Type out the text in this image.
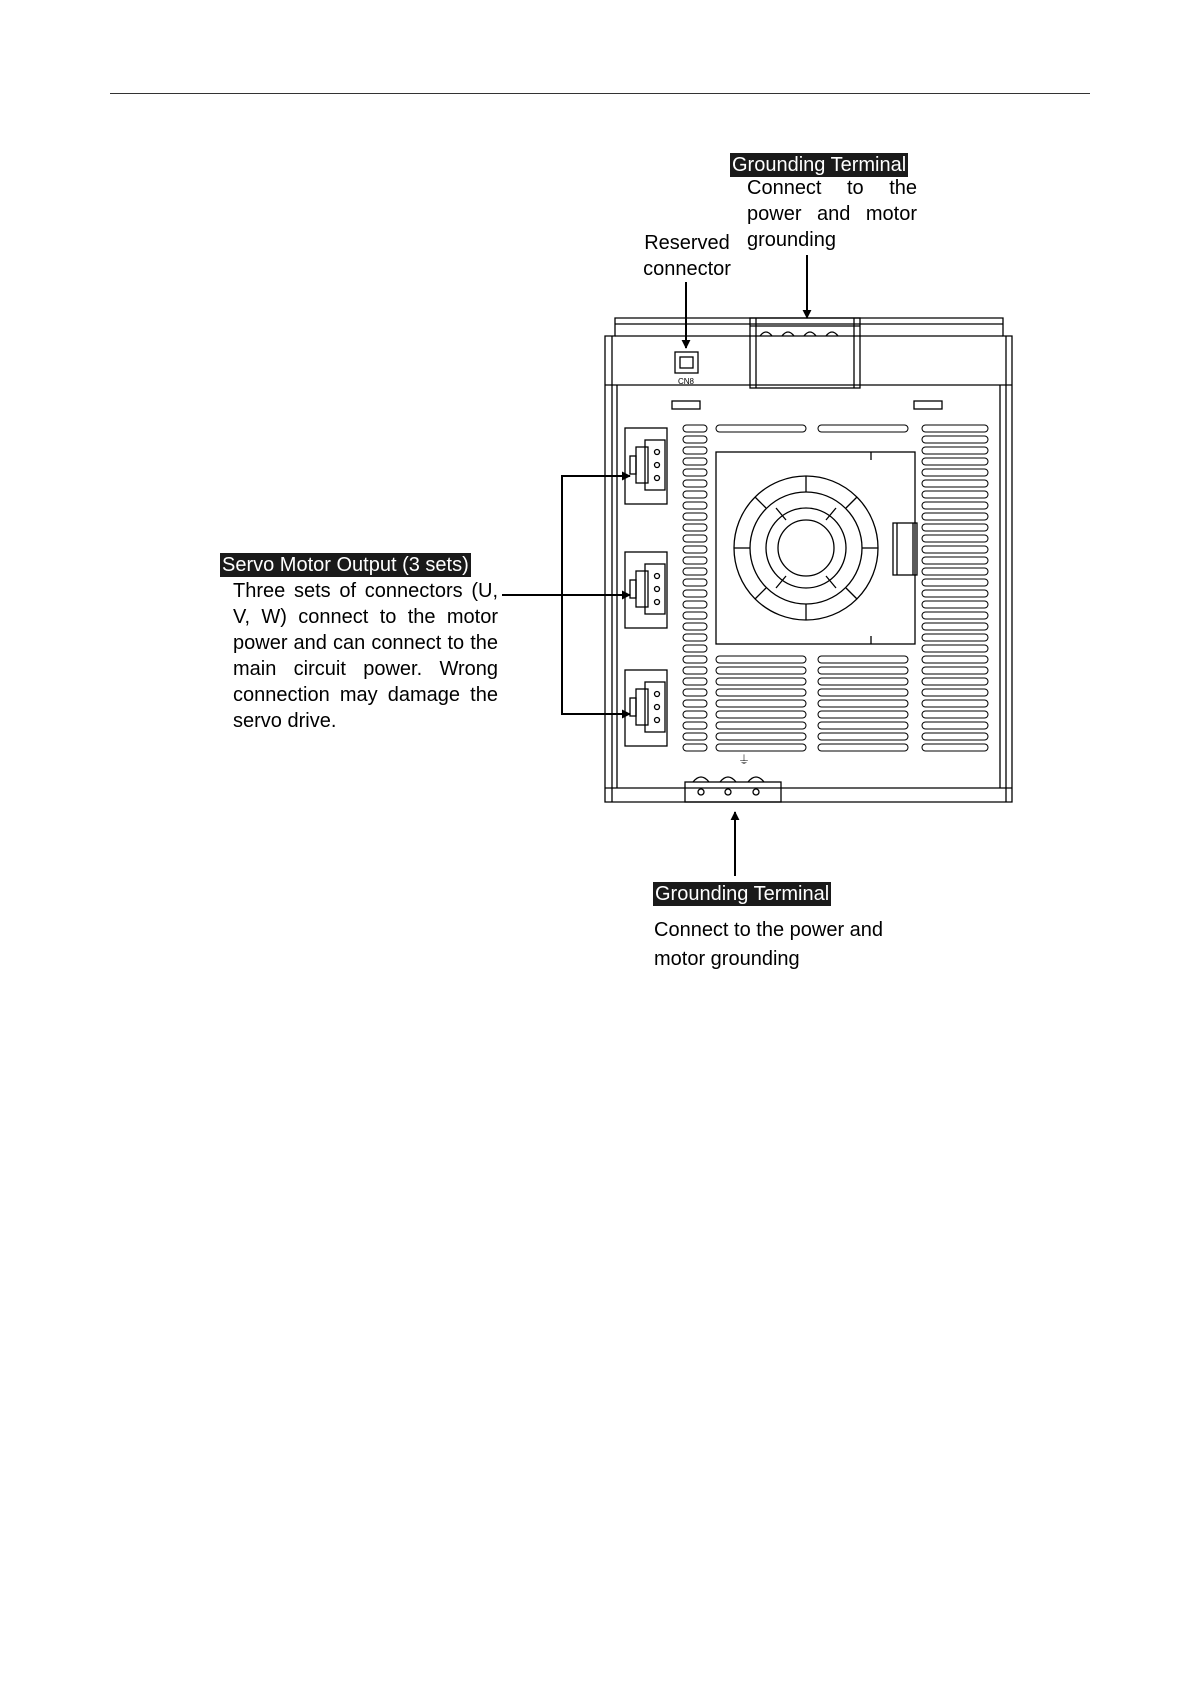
Grounding Terminal

Connect to the power and motor grounding

Reserved connector

Servo Motor Output (3 sets)

Three sets of connectors (U, V, W) connect to the motor power and can connect to the main circuit power. Wrong connection may damage the servo drive.

Grounding Terminal

Connect to the power and motor grounding

CN8
⏚
